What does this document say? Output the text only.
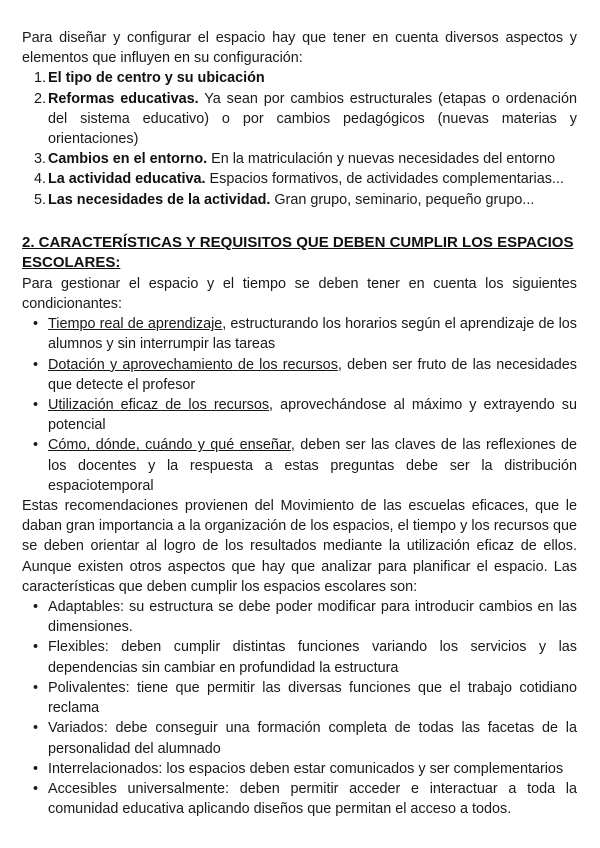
Para diseñar y configurar el espacio hay que tener en cuenta diversos aspectos y elementos que influyen en su configuración:

1. El tipo de centro y su ubicación
2. Reformas educativas. Ya sean por cambios estructurales (etapas o ordenación del sistema educativo) o por cambios pedagógicos (nuevas materias y orientaciones)
3. Cambios en el entorno. En la matriculación y nuevas necesidades del entorno
4. La actividad educativa. Espacios formativos, de actividades complementarias...
5. Las necesidades de la actividad. Gran grupo, seminario, pequeño grupo...
2. CARACTERÍSTICAS Y REQUISITOS QUE DEBEN CUMPLIR LOS ESPACIOS ESCOLARES:

Para gestionar el espacio y el tiempo se deben tener en cuenta los siguientes condicionantes:

• Tiempo real de aprendizaje, estructurando los horarios según el aprendizaje de los alumnos y sin interrumpir las tareas
• Dotación y aprovechamiento de los recursos, deben ser fruto de las necesidades que detecte el profesor
• Utilización eficaz de los recursos, aprovechándose al máximo y extrayendo su potencial
• Cómo, dónde, cuándo y qué enseñar, deben ser las claves de las reflexiones de los docentes y la respuesta a estas preguntas debe ser la distribución espaciotemporal

Estas recomendaciones provienen del Movimiento de las escuelas eficaces, que le daban gran importancia a la organización de los espacios, el tiempo y los recursos que se deben orientar al logro de los resultados mediante la utilización eficaz de ellos. Aunque existen otros aspectos que hay que analizar para planificar el espacio. Las características que deben cumplir los espacios escolares son:

• Adaptables: su estructura se debe poder modificar para introducir cambios en las dimensiones.
• Flexibles: deben cumplir distintas funciones variando los servicios y las dependencias sin cambiar en profundidad la estructura
• Polivalentes: tiene que permitir las diversas funciones que el trabajo cotidiano reclama
• Variados: debe conseguir una formación completa de todas las facetas de la personalidad del alumnado
• Interrelacionados: los espacios deben estar comunicados y ser complementarios
• Accesibles universalmente: deben permitir acceder e interactuar a toda la comunidad educativa aplicando diseños que permitan el acceso a todos.
